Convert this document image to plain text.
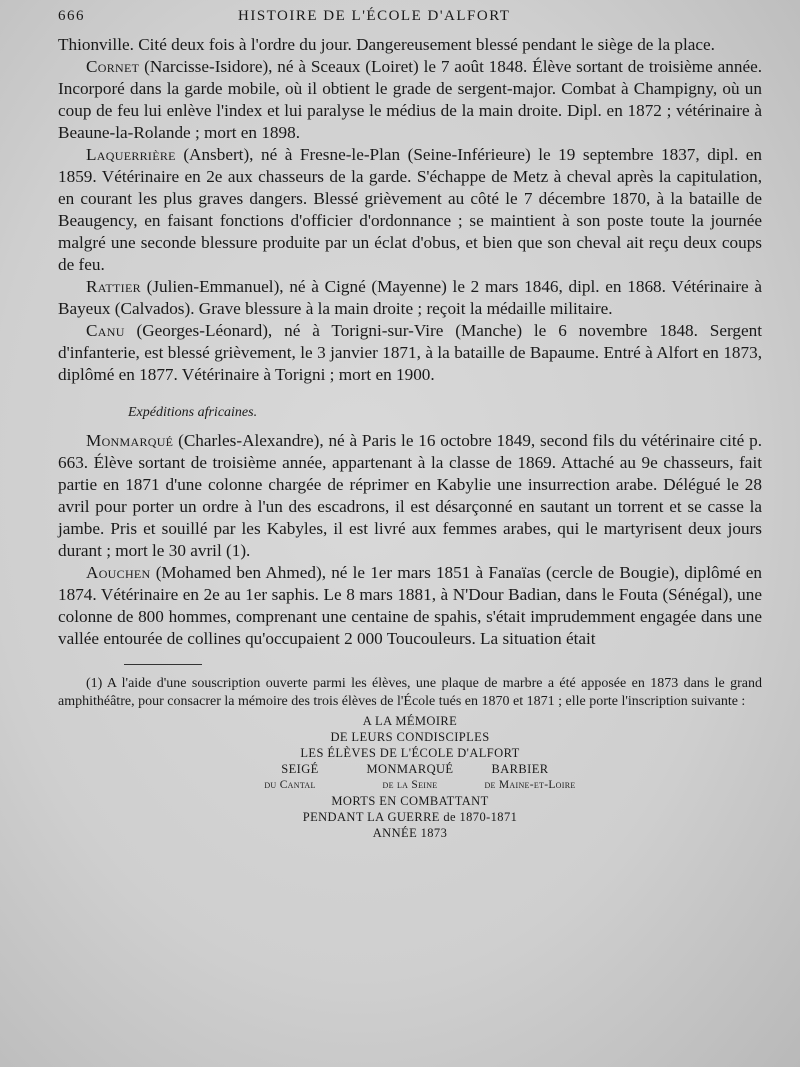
666	HISTOIRE DE L'ÉCOLE D'ALFORT

Thionville. Cité deux fois à l'ordre du jour. Dangereusement blessé pendant le siège de la place.

Cornet (Narcisse-Isidore), né à Sceaux (Loiret) le 7 août 1848. Élève sortant de troisième année. Incorporé dans la garde mobile, où il obtient le grade de sergent-major. Combat à Champigny, où un coup de feu lui enlève l'index et lui paralyse le médius de la main droite. Dipl. en 1872 ; vétérinaire à Beaune-la-Rolande ; mort en 1898.

Laquerrière (Ansbert), né à Fresne-le-Plan (Seine-Inférieure) le 19 septembre 1837, dipl. en 1859. Vétérinaire en 2e aux chasseurs de la garde. S'échappe de Metz à cheval après la capitulation, en courant les plus graves dangers. Blessé grièvement au côté le 7 décembre 1870, à la bataille de Beaugency, en faisant fonctions d'officier d'ordonnance ; se maintient à son poste toute la journée malgré une seconde blessure produite par un éclat d'obus, et bien que son cheval ait reçu deux coups de feu.

Rattier (Julien-Emmanuel), né à Cigné (Mayenne) le 2 mars 1846, dipl. en 1868. Vétérinaire à Bayeux (Calvados). Grave blessure à la main droite ; reçoit la médaille militaire.

Canu (Georges-Léonard), né à Torigni-sur-Vire (Manche) le 6 novembre 1848. Sergent d'infanterie, est blessé grièvement, le 3 janvier 1871, à la bataille de Bapaume. Entré à Alfort en 1873, diplômé en 1877. Vétérinaire à Torigni ; mort en 1900.

Expéditions africaines.

Monmarqué (Charles-Alexandre), né à Paris le 16 octobre 1849, second fils du vétérinaire cité p. 663. Élève sortant de troisième année, appartenant à la classe de 1869. Attaché au 9e chasseurs, fait partie en 1871 d'une colonne chargée de réprimer en Kabylie une insurrection arabe. Délégué le 28 avril pour porter un ordre à l'un des escadrons, il est désarçonné en sautant un torrent et se casse la jambe. Pris et souillé par les Kabyles, il est livré aux femmes arabes, qui le martyrisent deux jours durant ; mort le 30 avril (1).

Aouchen (Mohamed ben Ahmed), né le 1er mars 1851 à Fanaïas (cercle de Bougie), diplômé en 1874. Vétérinaire en 2e au 1er saphis. Le 8 mars 1881, à N'Dour Badian, dans le Fouta (Sénégal), une colonne de 800 hommes, comprenant une centaine de spahis, s'était imprudemment engagée dans une vallée entourée de collines qu'occupaient 2 000 Toucouleurs. La situation était

(1) A l'aide d'une souscription ouverte parmi les élèves, une plaque de marbre a été apposée en 1873 dans le grand amphithéâtre, pour consacrer la mémoire des trois élèves de l'École tués en 1870 et 1871 ; elle porte l'inscription suivante :

A LA MÉMOIRE
DE LEURS CONDISCIPLES
LES ÉLÈVES DE L'ÉCOLE D'ALFORT
SEIGÉ	MONMARQUÉ	BARBIER
du Cantal	de la Seine	de Maine-et-Loire
MORTS EN COMBATTANT
PENDANT LA GUERRE de 1870-1871
ANNÉE 1873
